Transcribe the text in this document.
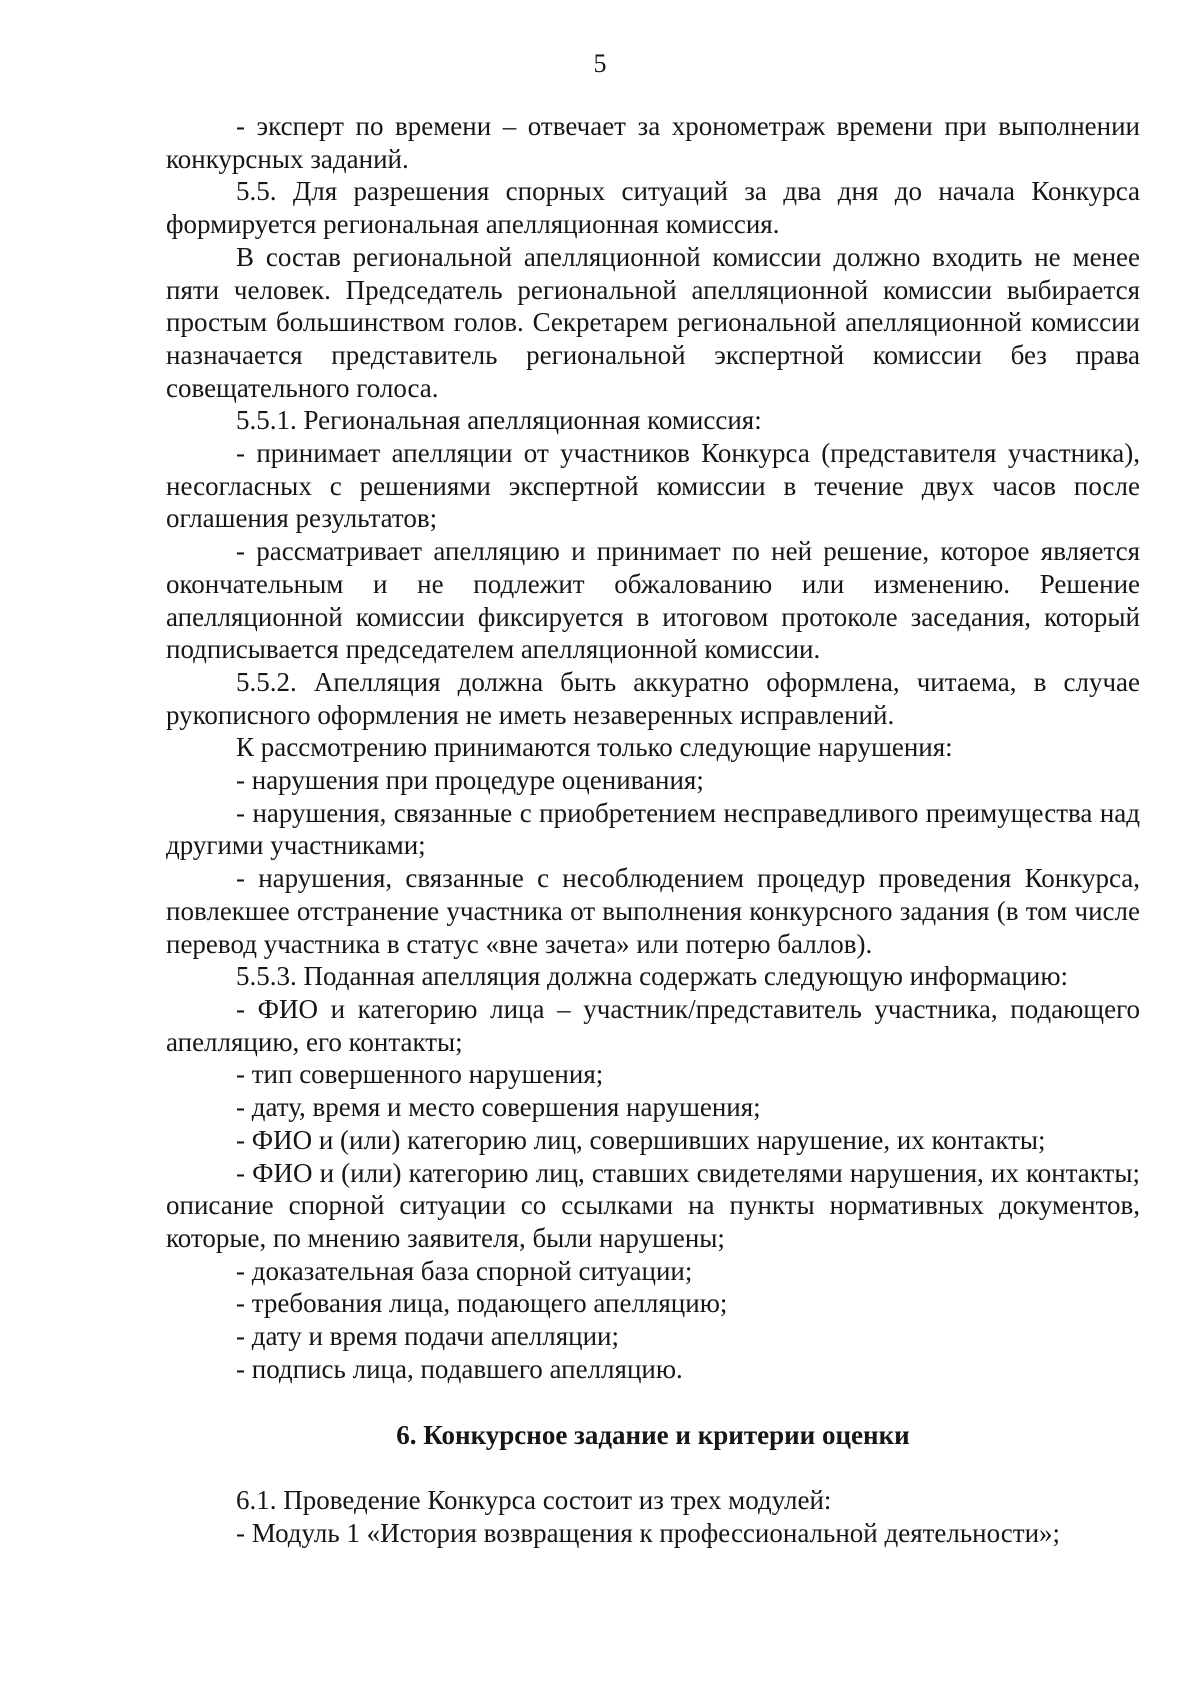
5

- эксперт по времени – отвечает за хронометраж времени при выполнении конкурсных заданий.

5.5. Для разрешения спорных ситуаций за два дня до начала Конкурса формируется региональная апелляционная комиссия.

В состав региональной апелляционной комиссии должно входить не менее пяти человек. Председатель региональной апелляционной комиссии выбирается простым большинством голов. Секретарем региональной апелляционной комиссии назначается представитель региональной экспертной комиссии без права совещательного голоса.

5.5.1. Региональная апелляционная комиссия:

- принимает апелляции от участников Конкурса (представителя участника), несогласных с решениями экспертной комиссии в течение двух часов после оглашения результатов;

- рассматривает апелляцию и принимает по ней решение, которое является окончательным и не подлежит обжалованию или изменению. Решение апелляционной комиссии фиксируется в итоговом протоколе заседания, который подписывается председателем апелляционной комиссии.

5.5.2. Апелляция должна быть аккуратно оформлена, читаема, в случае рукописного оформления не иметь незаверенных исправлений.

К рассмотрению принимаются только следующие нарушения:

- нарушения при процедуре оценивания;

- нарушения, связанные с приобретением несправедливого преимущества над другими участниками;

- нарушения, связанные с несоблюдением процедур проведения Конкурса, повлекшее отстранение участника от выполнения конкурсного задания (в том числе перевод участника в статус «вне зачета» или потерю баллов).

5.5.3. Поданная апелляция должна содержать следующую информацию:

- ФИО и категорию лица – участник/представитель участника, подающего апелляцию, его контакты;

- тип совершенного нарушения;

- дату, время и место совершения нарушения;

- ФИО и (или) категорию лиц, совершивших нарушение, их контакты;

- ФИО и (или) категорию лиц, ставших свидетелями нарушения, их контакты; описание спорной ситуации со ссылками на пункты нормативных документов, которые, по мнению заявителя, были нарушены;

- доказательная база спорной ситуации;

- требования лица, подающего апелляцию;

- дату и время подачи апелляции;

- подпись лица, подавшего апелляцию.

6. Конкурсное задание и критерии оценки

6.1. Проведение Конкурса состоит из трех модулей:

- Модуль 1 «История возвращения к профессиональной деятельности»;
